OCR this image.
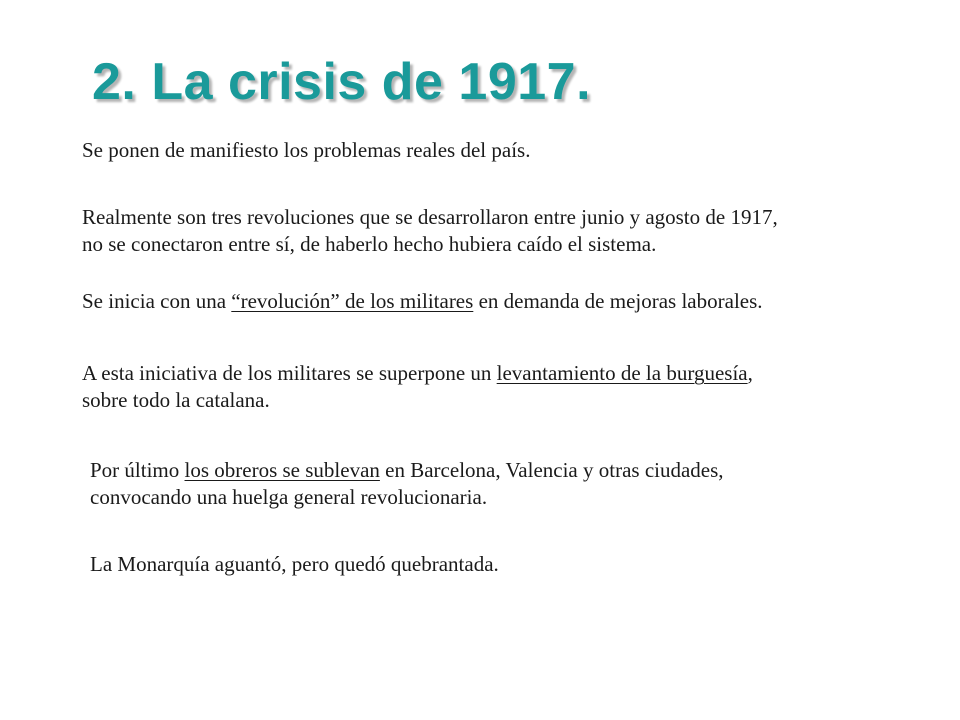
2. La crisis de 1917.

Se ponen de manifiesto los problemas reales del país.

Realmente son tres revoluciones que se desarrollaron entre junio y agosto de 1917,
no se conectaron entre sí, de haberlo hecho hubiera caído el sistema.

Se inicia con una “revolución” de los militares en demanda de mejoras laborales.

A esta iniciativa de los militares se superpone un levantamiento de la burguesía,
sobre todo la catalana.

Por último los obreros se sublevan en Barcelona, Valencia y otras ciudades,
convocando una huelga general revolucionaria.

La Monarquía aguantó, pero quedó quebrantada.
